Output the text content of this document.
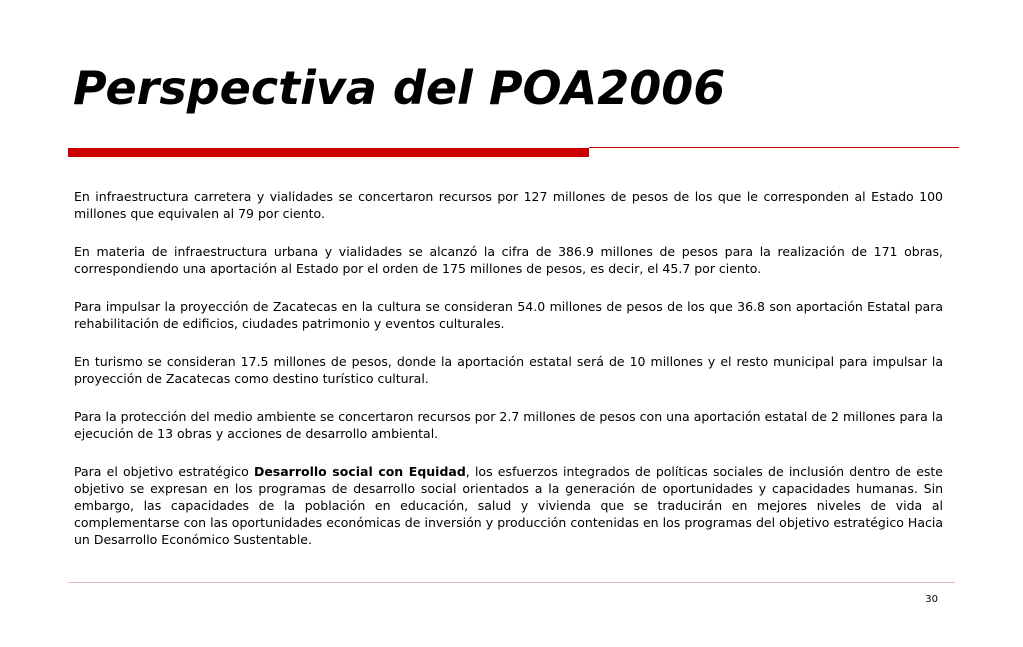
Perspectiva del POA2006

En infraestructura carretera y vialidades se concertaron recursos por 127 millones de pesos de los que le corresponden al Estado 100 millones que equivalen al 79 por ciento.

En materia de infraestructura urbana y vialidades se alcanzó la cifra de 386.9 millones de pesos para la realización de 171 obras, correspondiendo una aportación al Estado por el orden de 175 millones de pesos, es decir, el 45.7 por ciento.

Para impulsar la proyección de Zacatecas en la cultura se consideran 54.0 millones de pesos de los que 36.8 son aportación Estatal para rehabilitación de edificios, ciudades patrimonio y eventos culturales.

En turismo se consideran 17.5 millones de pesos, donde la aportación estatal será de 10 millones y el resto municipal para impulsar la proyección de Zacatecas como destino turístico cultural.

Para la protección del medio ambiente se concertaron recursos por 2.7 millones de pesos con una aportación estatal de 2 millones para la ejecución de 13 obras y acciones de desarrollo ambiental.

Para el objetivo estratégico Desarrollo social con Equidad, los esfuerzos integrados de políticas sociales de inclusión dentro de este objetivo se expresan en los programas de desarrollo social orientados a la generación de oportunidades y capacidades humanas. Sin embargo, las capacidades de la población en educación, salud y vivienda que se traducirán en mejores niveles de vida al complementarse con las oportunidades económicas de inversión y producción contenidas en los programas del objetivo estratégico Hacia un Desarrollo Económico Sustentable.

30
